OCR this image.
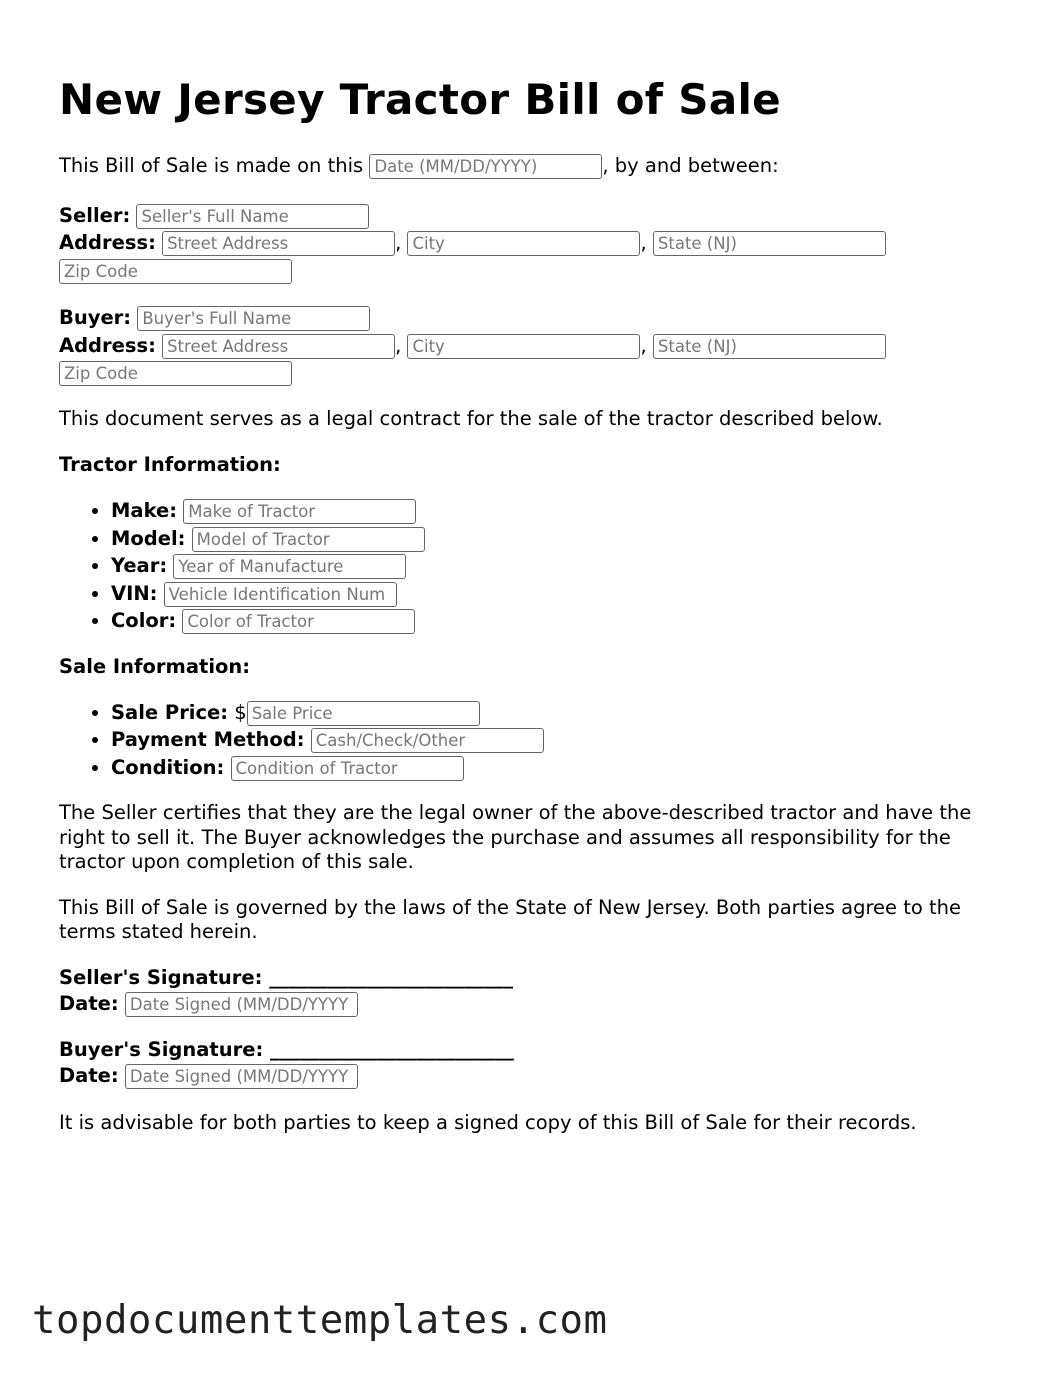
New Jersey Tractor Bill of Sale
This Bill of Sale is made on this Date (MM/DD/YYYY)	, by and between:
Seller: Seller's Full Name
Address: Street Address	, City	, State (NJ)
Zip Code
Buyer: Buyer's Full Name
Address: Street Address	, City	, State (NJ)
Zip Code

This document serves as a legal contract for the sale of the tractor described below.

Tractor Information:
• Make: Make of Tractor
• Model: Model of Tractor
• Year: Year of Manufacture
• VIN: Vehicle Identification Num
• Color: Color of Tractor
Sale Information:
• Sale Price: $Sale Price
• Payment Method: Cash/Check/Other
• Condition: Condition of Tractor

The Seller certifies that they are the legal owner of the above-described tractor and have the right to sell it. The Buyer acknowledges the purchase and assumes all responsibility for the tractor upon completion of this sale.

This Bill of Sale is governed by the laws of the State of New Jersey. Both parties agree to the terms stated herein.

Seller's Signature: _________________________
Date: Date Signed (MM/DD/YYYY
Buyer's Signature: _________________________
Date: Date Signed (MM/DD/YYYY

It is advisable for both parties to keep a signed copy of this Bill of Sale for their records.

topdocumenttemplates.com
